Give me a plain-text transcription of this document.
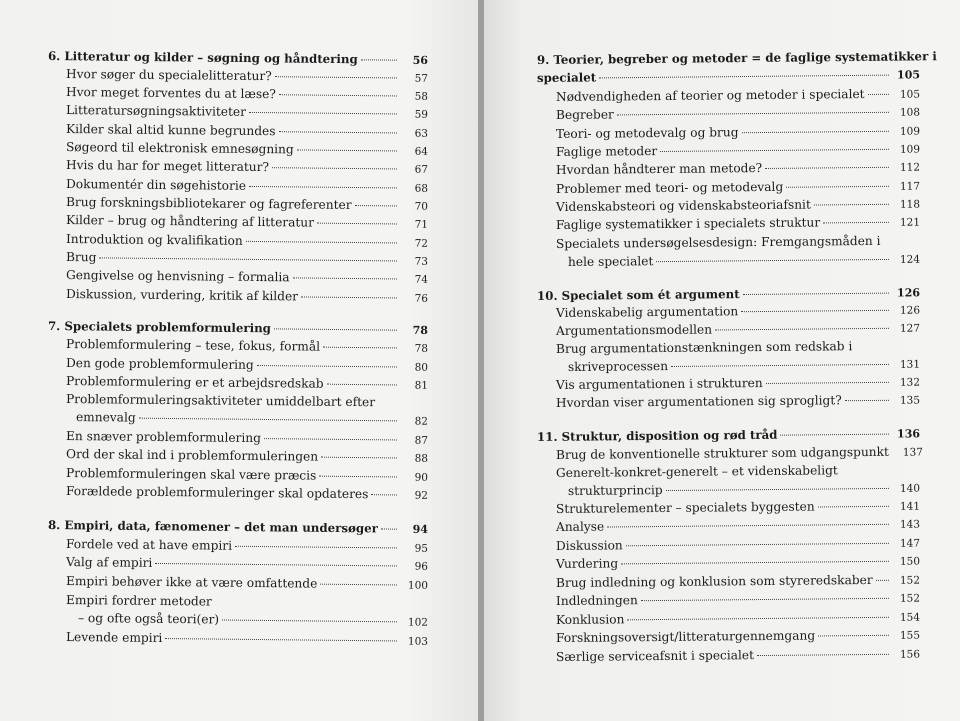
6. Litteratur og kilder – søgning og håndtering	56
Hvor søger du specialelitteratur?	57
Hvor meget forventes du at læse?	58
Litteratursøgningsaktiviteter	59
Kilder skal altid kunne begrundes	63
Søgeord til elektronisk emnesøgning	64
Hvis du har for meget litteratur?	67
Dokumentér din søgehistorie	68
Brug forskningsbibliotekarer og fagreferenter	70
Kilder – brug og håndtering af litteratur	71
Introduktion og kvalifikation	72
Brug	73
Gengivelse og henvisning – formalia	74
Diskussion, vurdering, kritik af kilder	76
7. Specialets problemformulering	78
Problemformulering – tese, fokus, formål	78
Den gode problemformulering	80
Problemformulering er et arbejdsredskab	81
Problemformuleringsaktiviteter umiddelbart efter
emnevalg	82
En snæver problemformulering	87
Ord der skal ind i problemformuleringen	88
Problemformuleringen skal være præcis	90
Forældede problemformuleringer skal opdateres	92
8. Empiri, data, fænomener – det man undersøger	94
Fordele ved at have empiri	95
Valg af empiri	96
Empiri behøver ikke at være omfattende	100
Empiri fordrer metoder
– og ofte også teori(er)	102
Levende empiri	103
9. Teorier, begreber og metoder = de faglige systematikker i
specialet	105
Nødvendigheden af teorier og metoder i specialet	105
Begreber	108
Teori- og metodevalg og brug	109
Faglige metoder	109
Hvordan håndterer man metode?	112
Problemer med teori- og metodevalg	117
Videnskabsteori og videnskabsteoriafsnit	118
Faglige systematikker i specialets struktur	121
Specialets undersøgelsesdesign: Fremgangsmåden i
hele specialet	124
10. Specialet som ét argument	126
Videnskabelig argumentation	126
Argumentationsmodellen	127
Brug argumentationstænkningen som redskab i
skriveprocessen	131
Vis argumentationen i strukturen	132
Hvordan viser argumentationen sig sprogligt?	135
11. Struktur, disposition og rød tråd	136
Brug de konventionelle strukturer som udgangspunkt	137
Generelt-konkret-generelt – et videnskabeligt
strukturprincip	140
Strukturelementer – specialets byggesten	141
Analyse	143
Diskussion	147
Vurdering	150
Brug indledning og konklusion som styreredskaber	152
Indledningen	152
Konklusion	154
Forskningsoversigt/litteraturgennemgang	155
Særlige serviceafsnit i specialet	156
